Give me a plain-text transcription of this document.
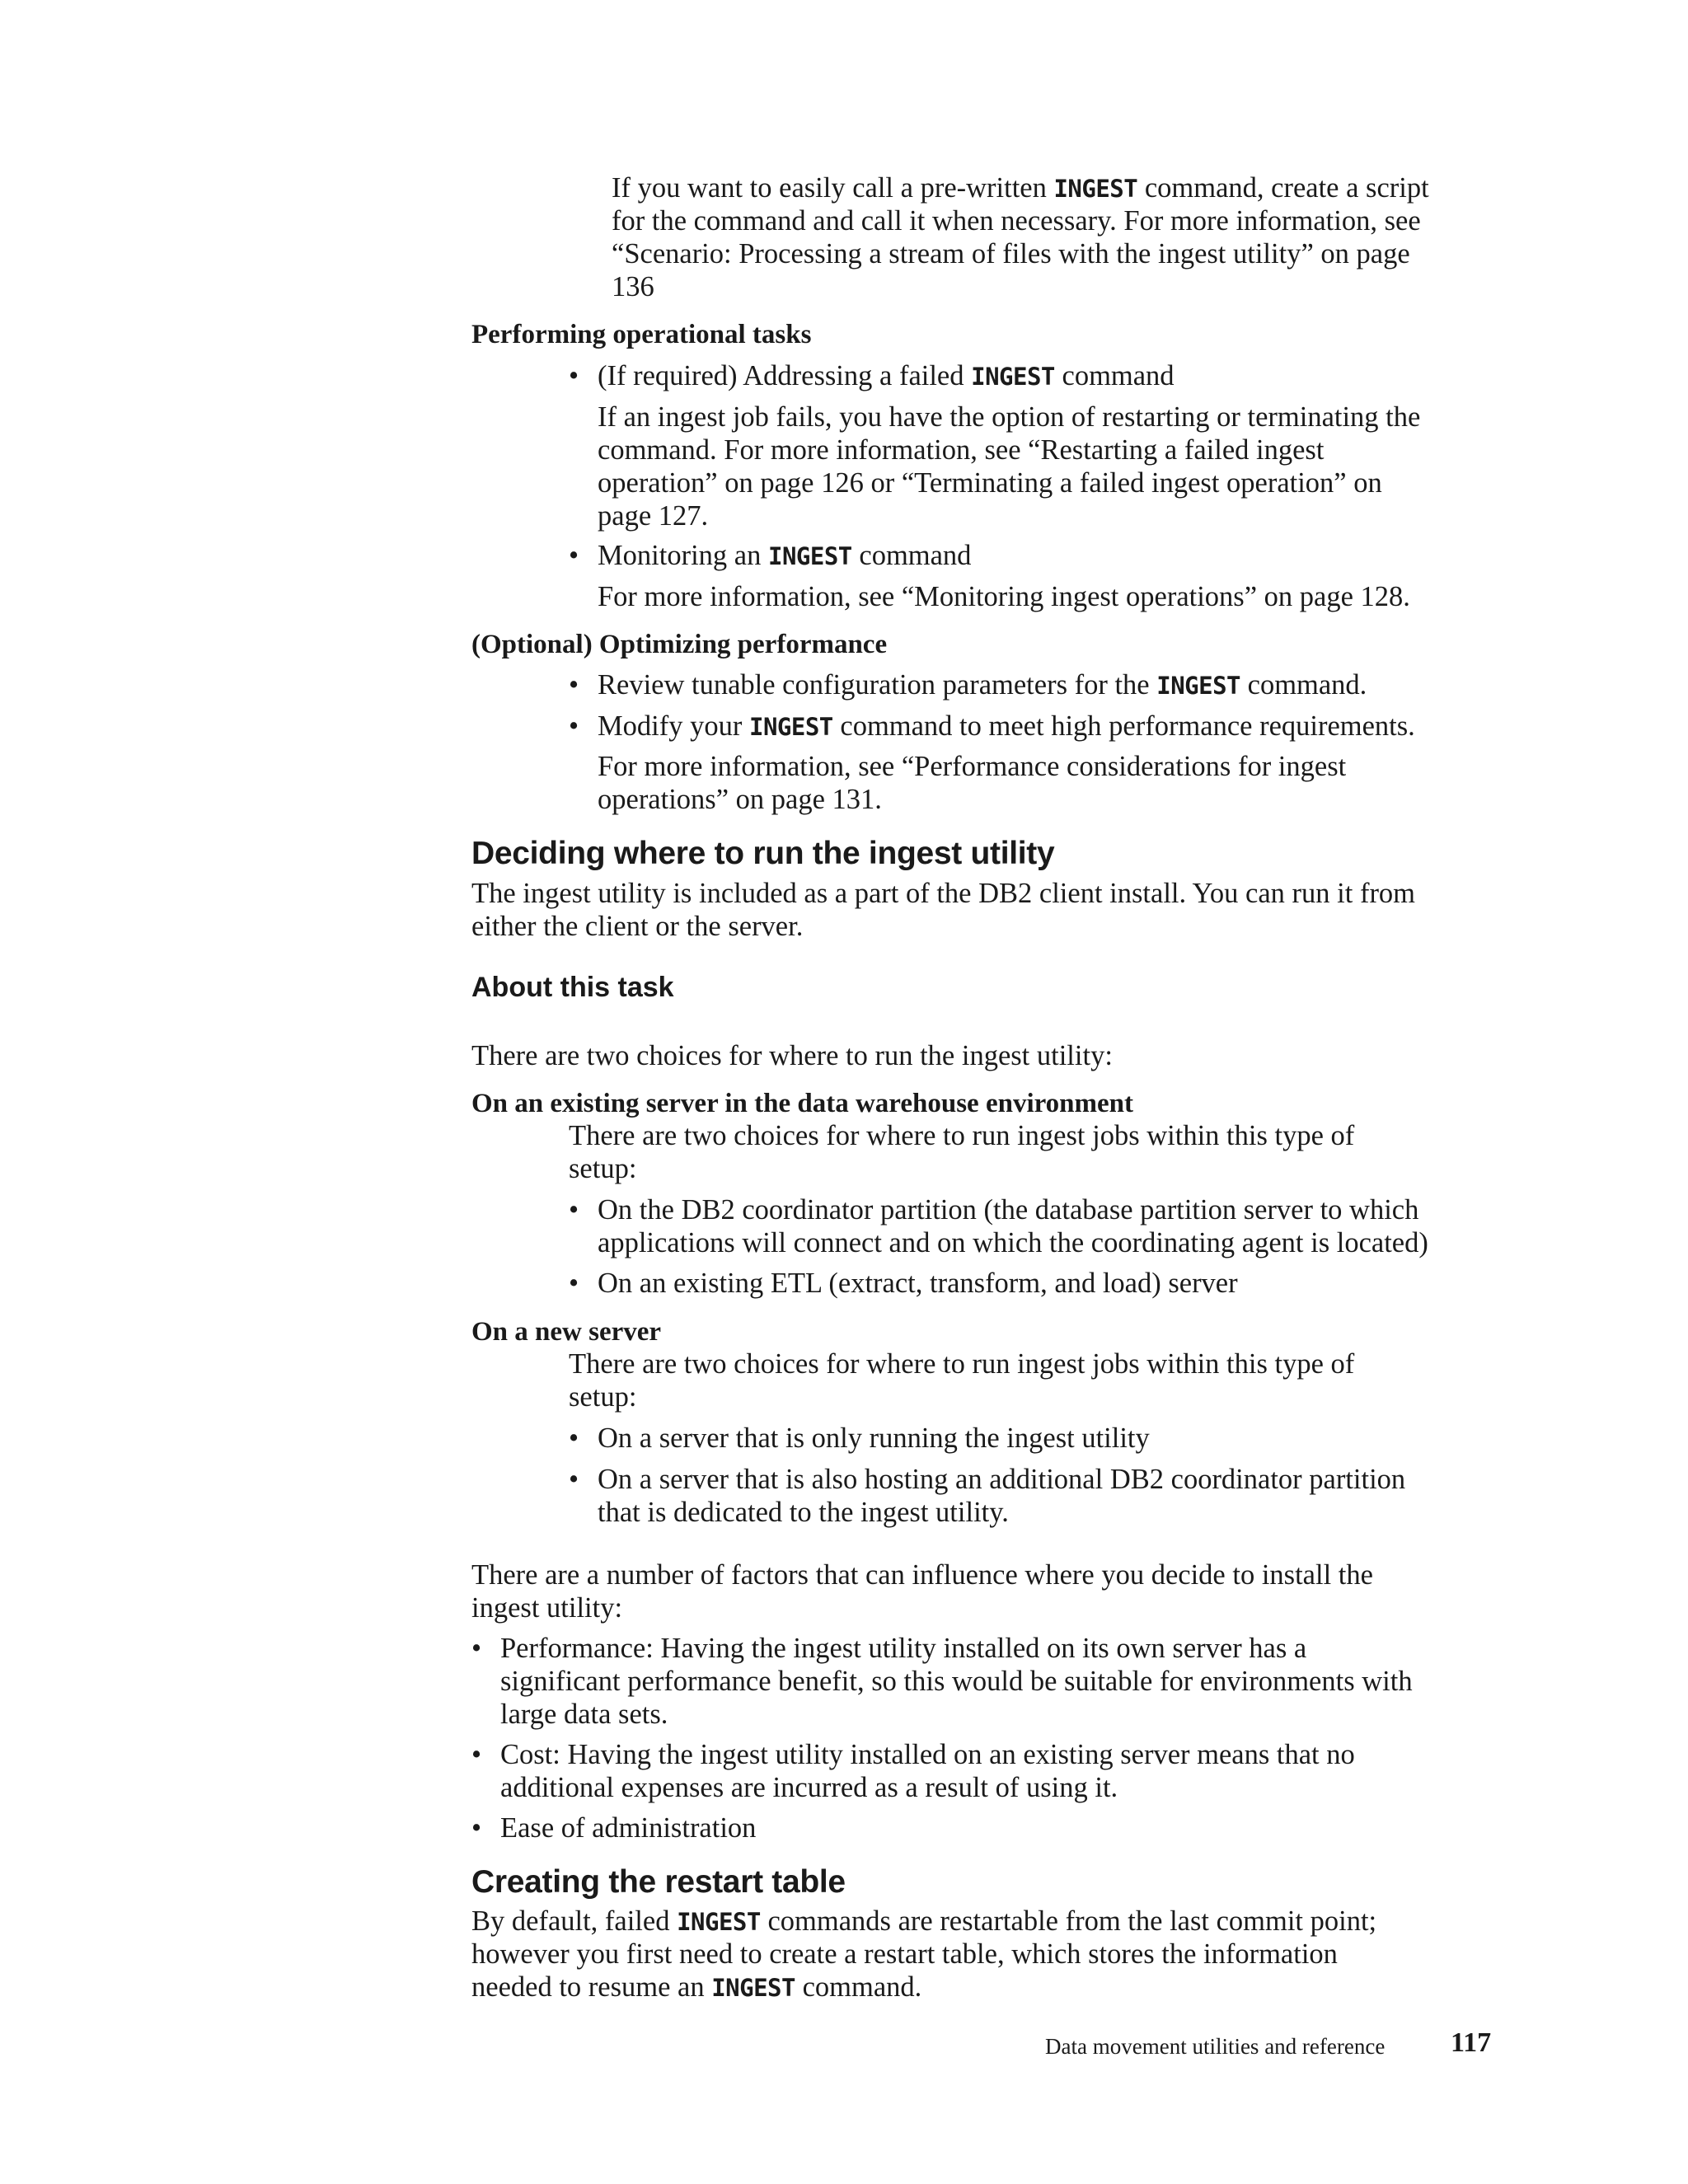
If you want to easily call a pre-written INGEST command, create a script
for the command and call it when necessary. For more information, see
“Scenario: Processing a stream of files with the ingest utility” on page
136
Performing operational tasks
• (If required) Addressing a failed INGEST command
If an ingest job fails, you have the option of restarting or terminating the
command. For more information, see “Restarting a failed ingest
operation” on page 126 or “Terminating a failed ingest operation” on
page 127.
• Monitoring an INGEST command
For more information, see “Monitoring ingest operations” on page 128.
(Optional) Optimizing performance
• Review tunable configuration parameters for the INGEST command.
• Modify your INGEST command to meet high performance requirements.
For more information, see “Performance considerations for ingest
operations” on page 131.
Deciding where to run the ingest utility
The ingest utility is included as a part of the DB2 client install. You can run it from
either the client or the server.
About this task
There are two choices for where to run the ingest utility:
On an existing server in the data warehouse environment
There are two choices for where to run ingest jobs within this type of
setup:
• On the DB2 coordinator partition (the database partition server to which
applications will connect and on which the coordinating agent is located)
• On an existing ETL (extract, transform, and load) server
On a new server
There are two choices for where to run ingest jobs within this type of
setup:
• On a server that is only running the ingest utility
• On a server that is also hosting an additional DB2 coordinator partition
that is dedicated to the ingest utility.
There are a number of factors that can influence where you decide to install the
ingest utility:
• Performance: Having the ingest utility installed on its own server has a
significant performance benefit, so this would be suitable for environments with
large data sets.
• Cost: Having the ingest utility installed on an existing server means that no
additional expenses are incurred as a result of using it.
• Ease of administration
Creating the restart table
By default, failed INGEST commands are restartable from the last commit point;
however you first need to create a restart table, which stores the information
needed to resume an INGEST command.
Data movement utilities and reference 117
